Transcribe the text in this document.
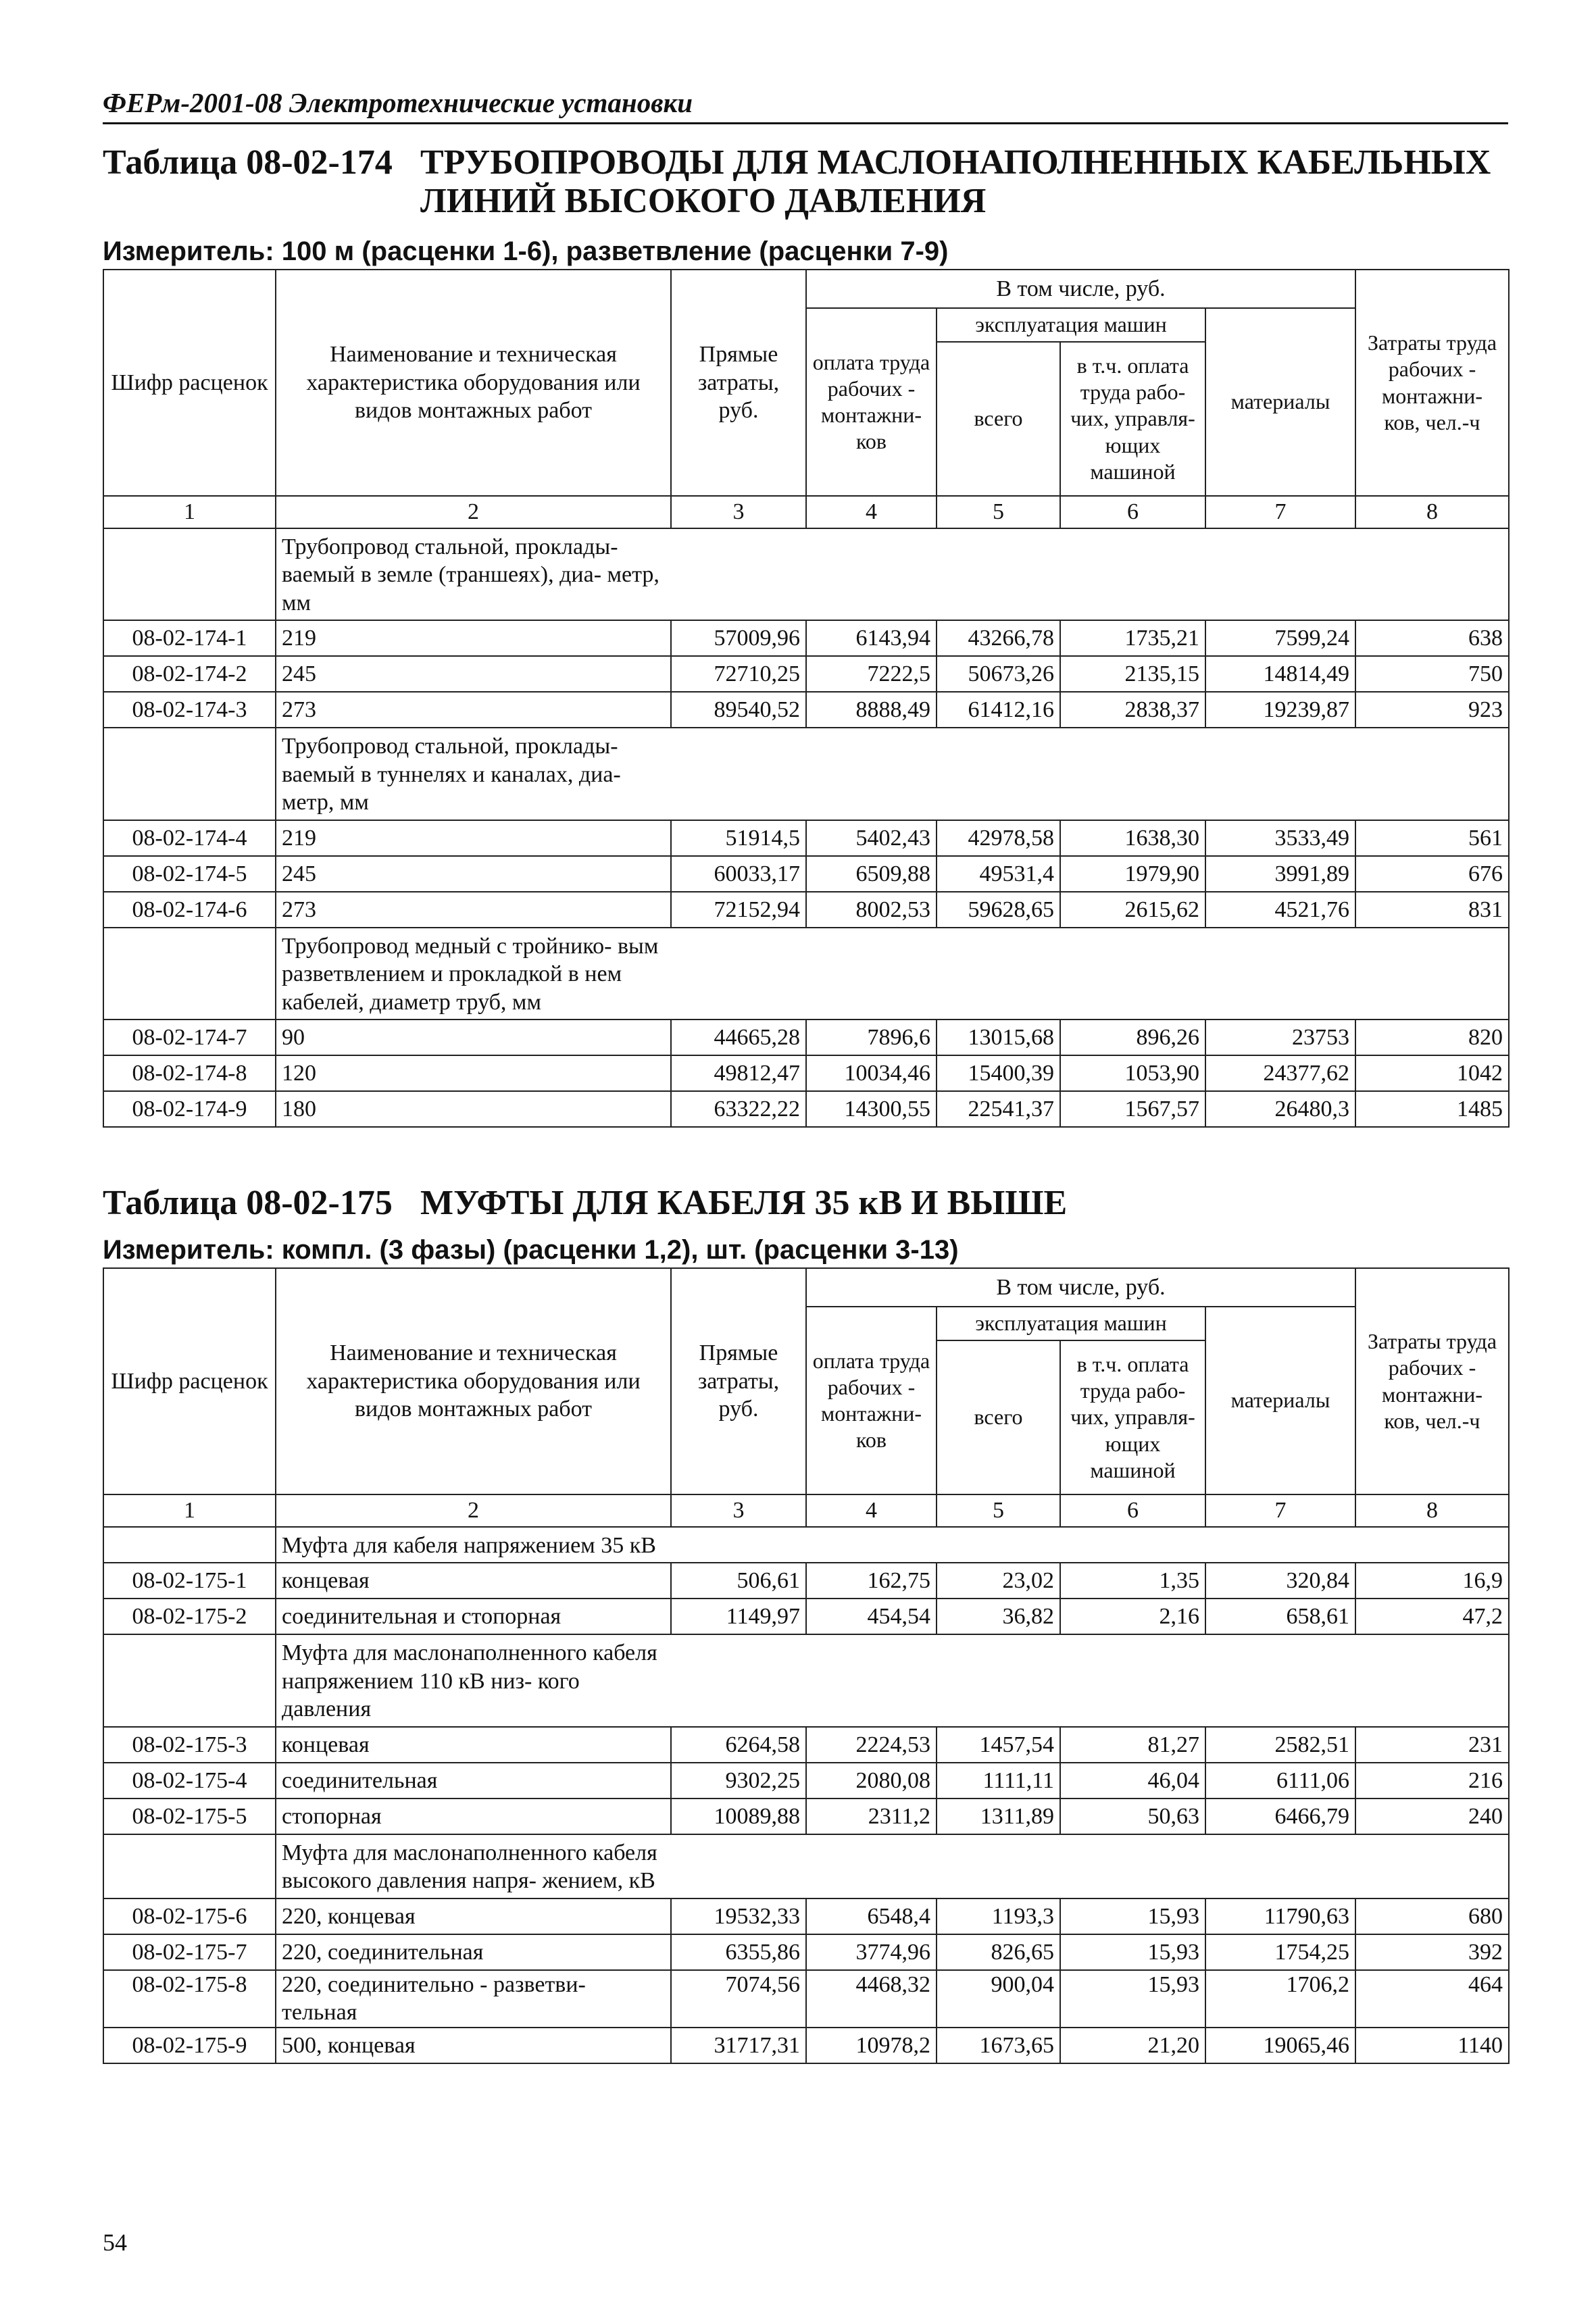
ФЕРм-2001-08 Электротехнические установки
Таблица 08-02-174 ТРУБОПРОВОДЫ ДЛЯ МАСЛОНАПОЛНЕННЫХ КАБЕЛЬНЫХ ЛИНИЙ ВЫСОКОГО ДАВЛЕНИЯ
Измеритель: 100 м (расценки 1-6), разветвление (расценки 7-9)
Шифр расценок	Наименование и техническая характеристика оборудования или видов монтажных работ	Прямые затраты, руб.	В том числе, руб.				Затраты труда рабочих - монтажни- ков, чел.-ч
			оплата труда рабочих - монтажни- ков	эксплуатация машин		материалы	
				всего	в т.ч. оплата труда рабо- чих, управля- ющих машиной		
1	2	3	4	5	6	7	8

	Трубопровод стальной, проклады- ваемый в земле (траншеях), диа- метр, мм						

08-02-174-1	219	57009,96	6143,94	43266,78	1735,21	7599,24	638
08-02-174-2	245	72710,25	7222,5	50673,26	2135,15	14814,49	750
08-02-174-3	273	89540,52	8888,49	61412,16	2838,37	19239,87	923

	Трубопровод стальной, проклады- ваемый в туннелях и каналах, диа- метр, мм						

08-02-174-4	219	51914,5	5402,43	42978,58	1638,30	3533,49	561
08-02-174-5	245	60033,17	6509,88	49531,4	1979,90	3991,89	676
08-02-174-6	273	72152,94	8002,53	59628,65	2615,62	4521,76	831

	Трубопровод медный с тройнико- вым разветвлением и прокладкой в нем кабелей, диаметр труб, мм						

08-02-174-7	90	44665,28	7896,6	13015,68	896,26	23753	820
08-02-174-8	120	49812,47	10034,46	15400,39	1053,90	24377,62	1042
08-02-174-9	180	63322,22	14300,55	22541,37	1567,57	26480,3	1485
Таблица 08-02-175 МУФТЫ ДЛЯ КАБЕЛЯ 35 кВ И ВЫШЕ
Измеритель: компл. (3 фазы) (расценки 1,2), шт. (расценки 3-13)
Шифр расценок	Наименование и техническая характеристика оборудования или видов монтажных работ	Прямые затраты, руб.	В том числе, руб.				Затраты труда рабочих - монтажни- ков, чел.-ч
			оплата труда рабочих - монтажни- ков	эксплуатация машин		материалы	
				всего	в т.ч. оплата труда рабо- чих, управля- ющих машиной		
1	2	3	4	5	6	7	8

	Муфта для кабеля напряжением 35 кВ						

08-02-175-1	концевая	506,61	162,75	23,02	1,35	320,84	16,9
08-02-175-2	соединительная и стопорная	1149,97	454,54	36,82	2,16	658,61	47,2

	Муфта для маслонаполненного кабеля напряжением 110 кВ низ- кого давления						

08-02-175-3	концевая	6264,58	2224,53	1457,54	81,27	2582,51	231
08-02-175-4	соединительная	9302,25	2080,08	1111,11	46,04	6111,06	216
08-02-175-5	стопорная	10089,88	2311,2	1311,89	50,63	6466,79	240

	Муфта для маслонаполненного кабеля высокого давления напря- жением, кВ						

08-02-175-6	220, концевая	19532,33	6548,4	1193,3	15,93	11790,63	680
08-02-175-7	220, соединительная	6355,86	3774,96	826,65	15,93	1754,25	392
08-02-175-8	220, соединительно - разветви- тельная	7074,56	4468,32	900,04	15,93	1706,2	464
08-02-175-9	500, концевая	31717,31	10978,2	1673,65	21,20	19065,46	1140
54
